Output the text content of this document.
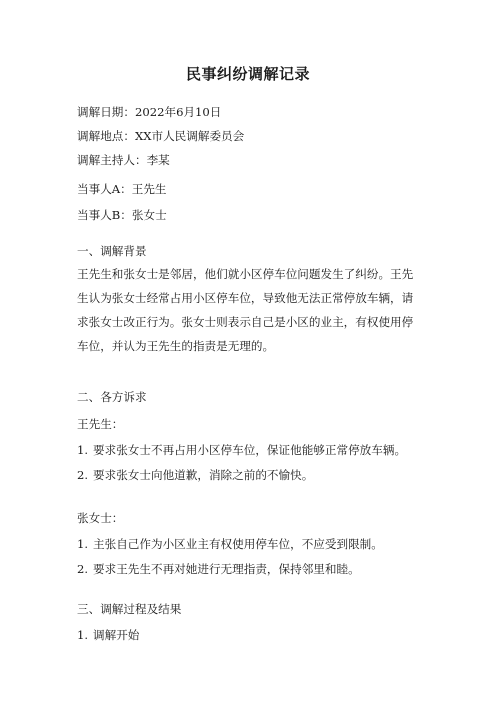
民事纠纷调解记录
调解日期：2022年6月10日
调解地点：XX市人民调解委员会
调解主持人：李某
当事人A：王先生
当事人B：张女士
一、调解背景
王先生和张女士是邻居，他们就小区停车位问题发生了纠纷。王先
生认为张女士经常占用小区停车位，导致他无法正常停放车辆，请
求张女士改正行为。张女士则表示自己是小区的业主，有权使用停
车位，并认为王先生的指责是无理的。
二、各方诉求
王先生：
1. 要求张女士不再占用小区停车位，保证他能够正常停放车辆。
2. 要求张女士向他道歉，消除之前的不愉快。
张女士：
1. 主张自己作为小区业主有权使用停车位，不应受到限制。
2. 要求王先生不再对她进行无理指责，保持邻里和睦。
三、调解过程及结果
1. 调解开始
